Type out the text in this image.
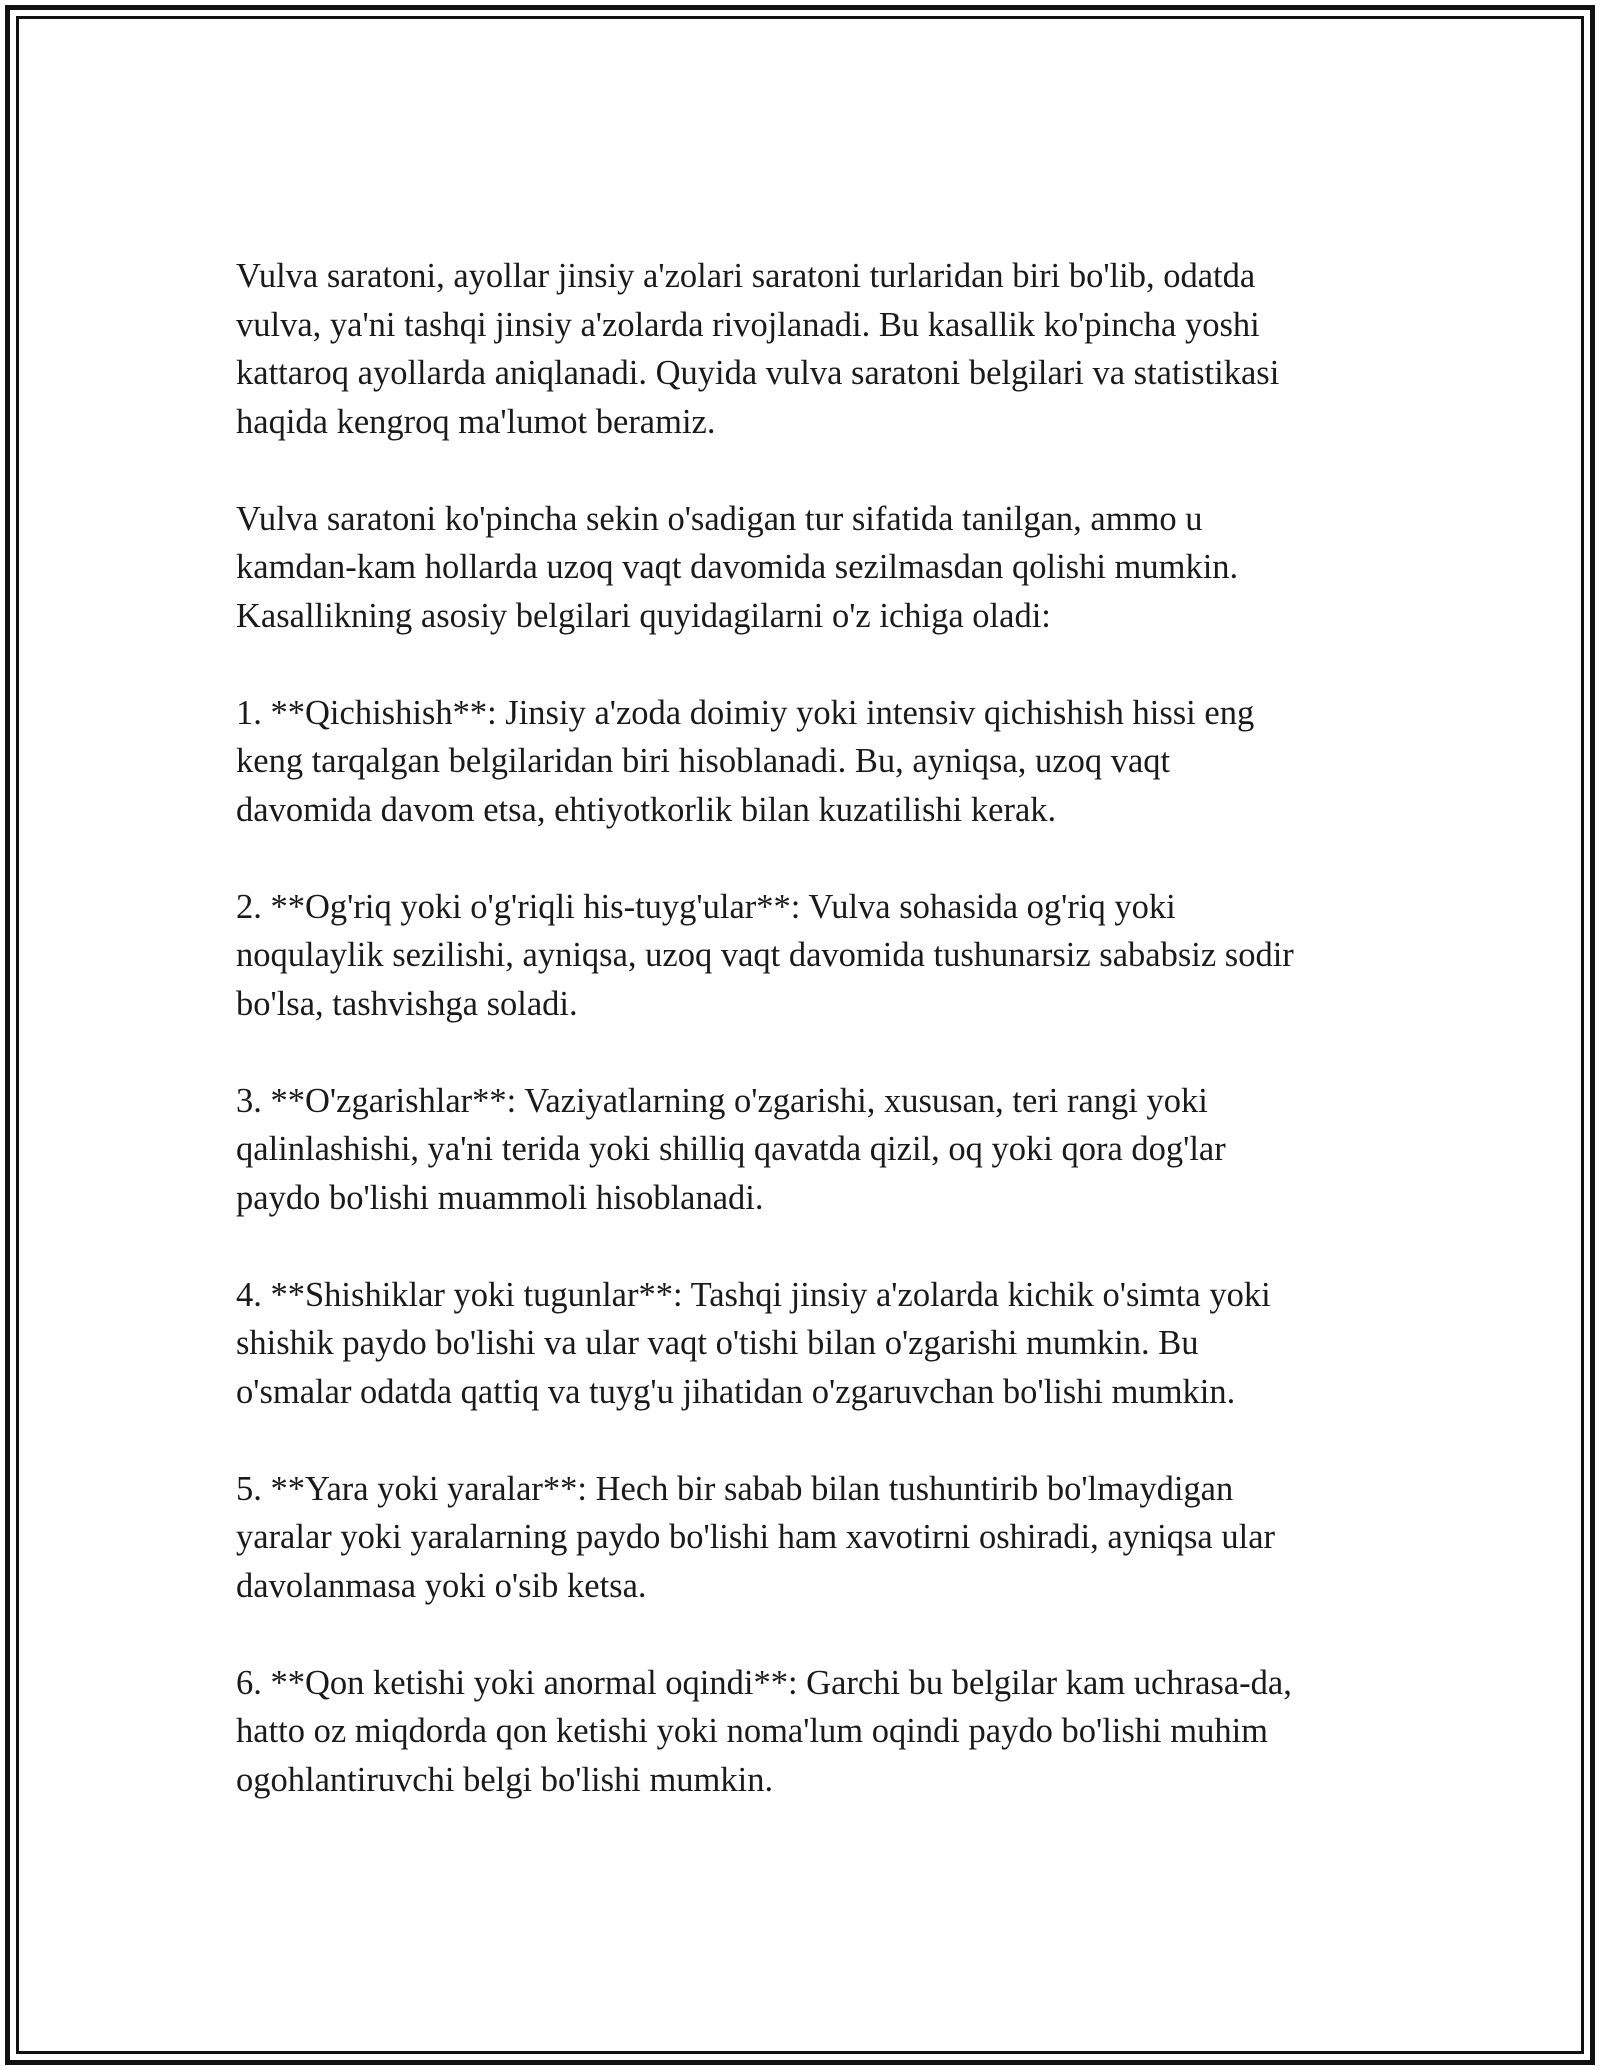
Vulva saratoni, ayollar jinsiy a'zolari saratoni turlaridan biri bo'lib, odatda
vulva, ya'ni tashqi jinsiy a'zolarda rivojlanadi. Bu kasallik ko'pincha yoshi
kattaroq ayollarda aniqlanadi. Quyida vulva saratoni belgilari va statistikasi
haqida kengroq ma'lumot beramiz.

Vulva saratoni ko'pincha sekin o'sadigan tur sifatida tanilgan, ammo u
kamdan-kam hollarda uzoq vaqt davomida sezilmasdan qolishi mumkin.
Kasallikning asosiy belgilari quyidagilarni o'z ichiga oladi:

1. **Qichishish**: Jinsiy a'zoda doimiy yoki intensiv qichishish hissi eng
keng tarqalgan belgilaridan biri hisoblanadi. Bu, ayniqsa, uzoq vaqt
davomida davom etsa, ehtiyotkorlik bilan kuzatilishi kerak.

2. **Og'riq yoki o'g'riqli his-tuyg'ular**: Vulva sohasida og'riq yoki
noqulaylik sezilishi, ayniqsa, uzoq vaqt davomida tushunarsiz sababsiz sodir
bo'lsa, tashvishga soladi.

3. **O'zgarishlar**: Vaziyatlarning o'zgarishi, xususan, teri rangi yoki
qalinlashishi, ya'ni terida yoki shilliq qavatda qizil, oq yoki qora dog'lar
paydo bo'lishi muammoli hisoblanadi.

4. **Shishiklar yoki tugunlar**: Tashqi jinsiy a'zolarda kichik o'simta yoki
shishik paydo bo'lishi va ular vaqt o'tishi bilan o'zgarishi mumkin. Bu
o'smalar odatda qattiq va tuyg'u jihatidan o'zgaruvchan bo'lishi mumkin.

5. **Yara yoki yaralar**: Hech bir sabab bilan tushuntirib bo'lmaydigan
yaralar yoki yaralarning paydo bo'lishi ham xavotirni oshiradi, ayniqsa ular
davolanmasa yoki o'sib ketsa.

6. **Qon ketishi yoki anormal oqindi**: Garchi bu belgilar kam uchrasa-da,
hatto oz miqdorda qon ketishi yoki noma'lum oqindi paydo bo'lishi muhim
ogohlantiruvchi belgi bo'lishi mumkin.
